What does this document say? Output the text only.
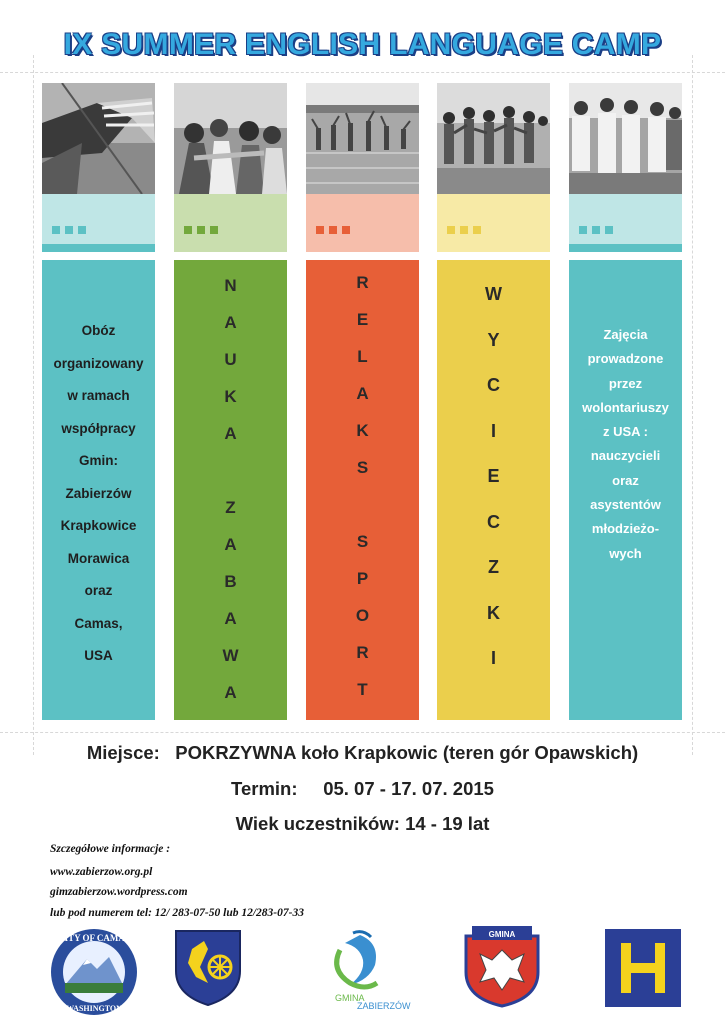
IX SUMMER ENGLISH LANGUAGE CAMP
Obóz
organizowany
w ramach
współpracy
Gmin:
Zabierzów
Krapkowice
Morawica
oraz
Camas,
USA
N
A
U
K
A
Z
A
B
A
W
A
R
E
L
A
K
S
S
P
O
R
T
W
Y
C
I
E
C
Z
K
I
Zajęcia
prowadzone
przez
wolontariuszy
z USA :
nauczycieli
oraz
asystentów
młodzieżo-
wych
Miejsce: POKRZYWNA koło Krapkowic (teren gór Opawskich)
Termin: 05. 07 - 17. 07. 2015
Wiek uczestników: 14 - 19 lat
Szczegółowe informacje :
www.zabierzow.org.pl
gimzabierzow.wordpress.com
lub pod numerem tel: 12/ 283-07-50 lub 12/283-07-33
CITY OF CAMAS
WASHINGTON
GMINA
ZABIERZÓW
GMINA
